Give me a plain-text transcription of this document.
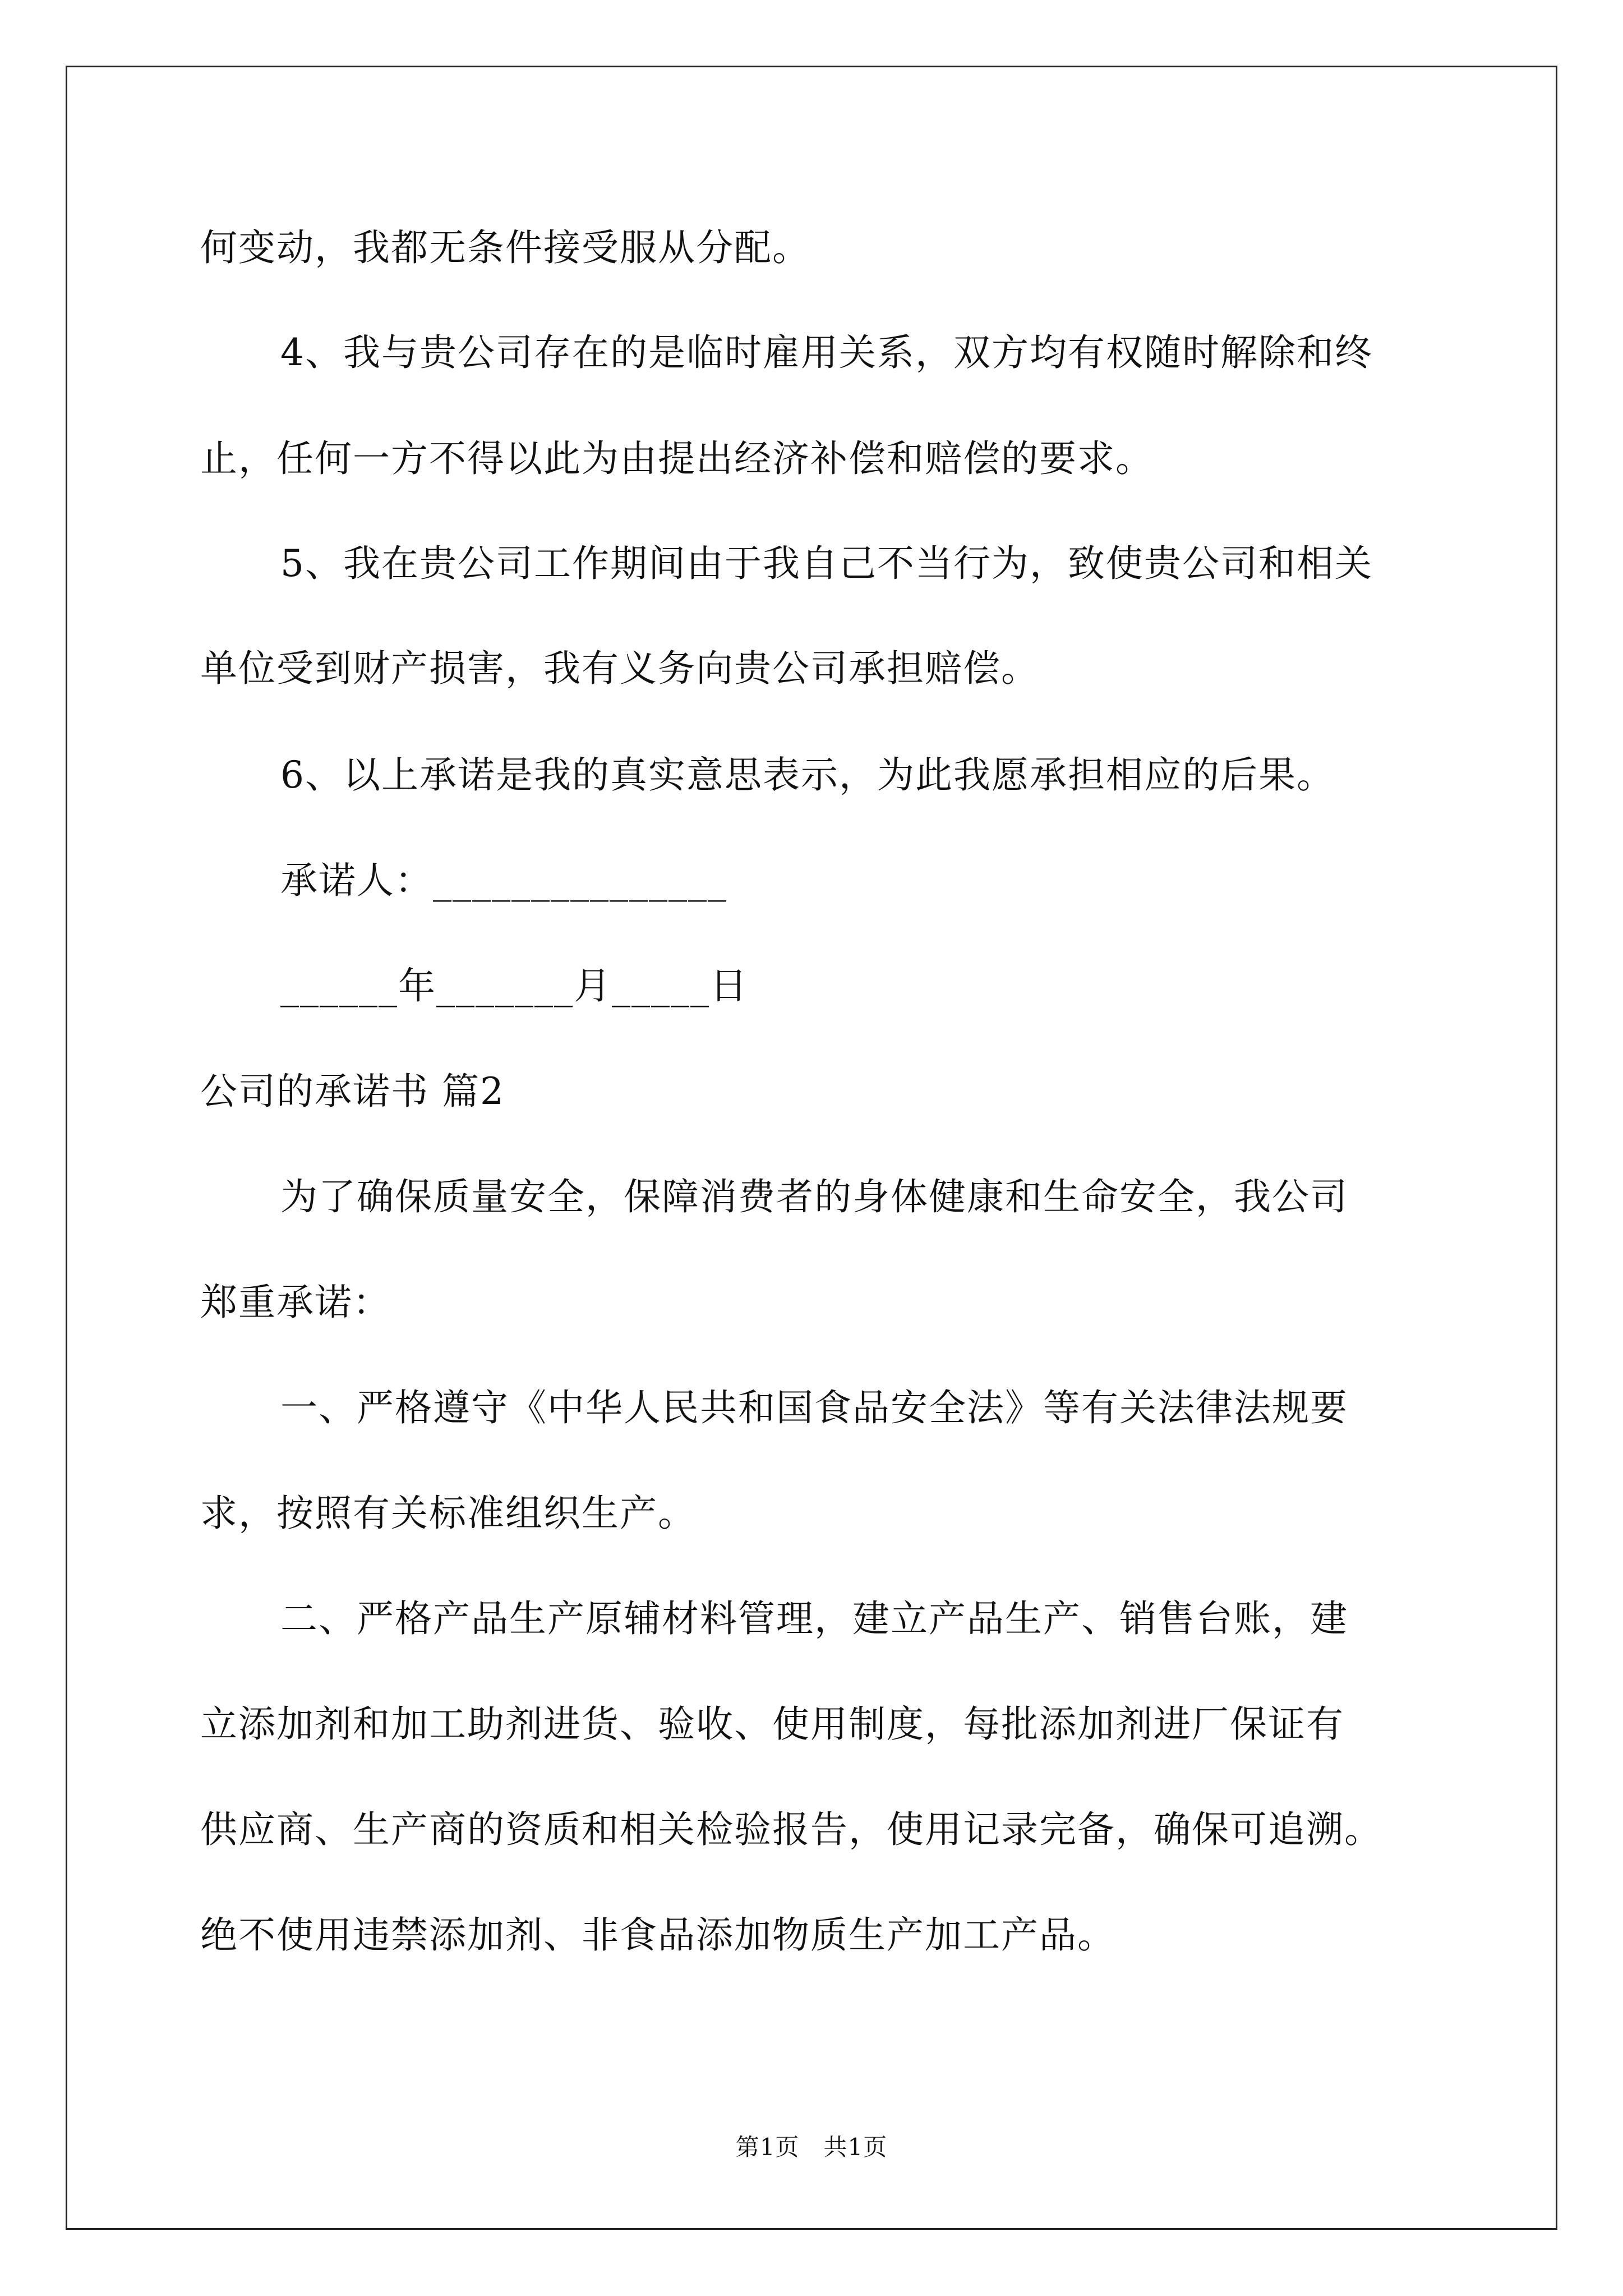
何变动，我都无条件接受服从分配。
4、我与贵公司存在的是临时雇用关系，双方均有权随时解除和终
止，任何一方不得以此为由提出经济补偿和赔偿的要求。
5、我在贵公司工作期间由于我自己不当行为，致使贵公司和相关
单位受到财产损害，我有义务向贵公司承担赔偿。
6、以上承诺是我的真实意思表示，为此我愿承担相应的后果。
承诺人：_______________
______年_______月_____日
公司的承诺书 篇2
为了确保质量安全，保障消费者的身体健康和生命安全，我公司
郑重承诺：
一、严格遵守《中华人民共和国食品安全法》等有关法律法规要
求，按照有关标准组织生产。
二、严格产品生产原辅材料管理，建立产品生产、销售台账，建
立添加剂和加工助剂进货、验收、使用制度，每批添加剂进厂保证有
供应商、生产商的资质和相关检验报告，使用记录完备，确保可追溯。
绝不使用违禁添加剂、非食品添加物质生产加工产品。
第1页　共1页
